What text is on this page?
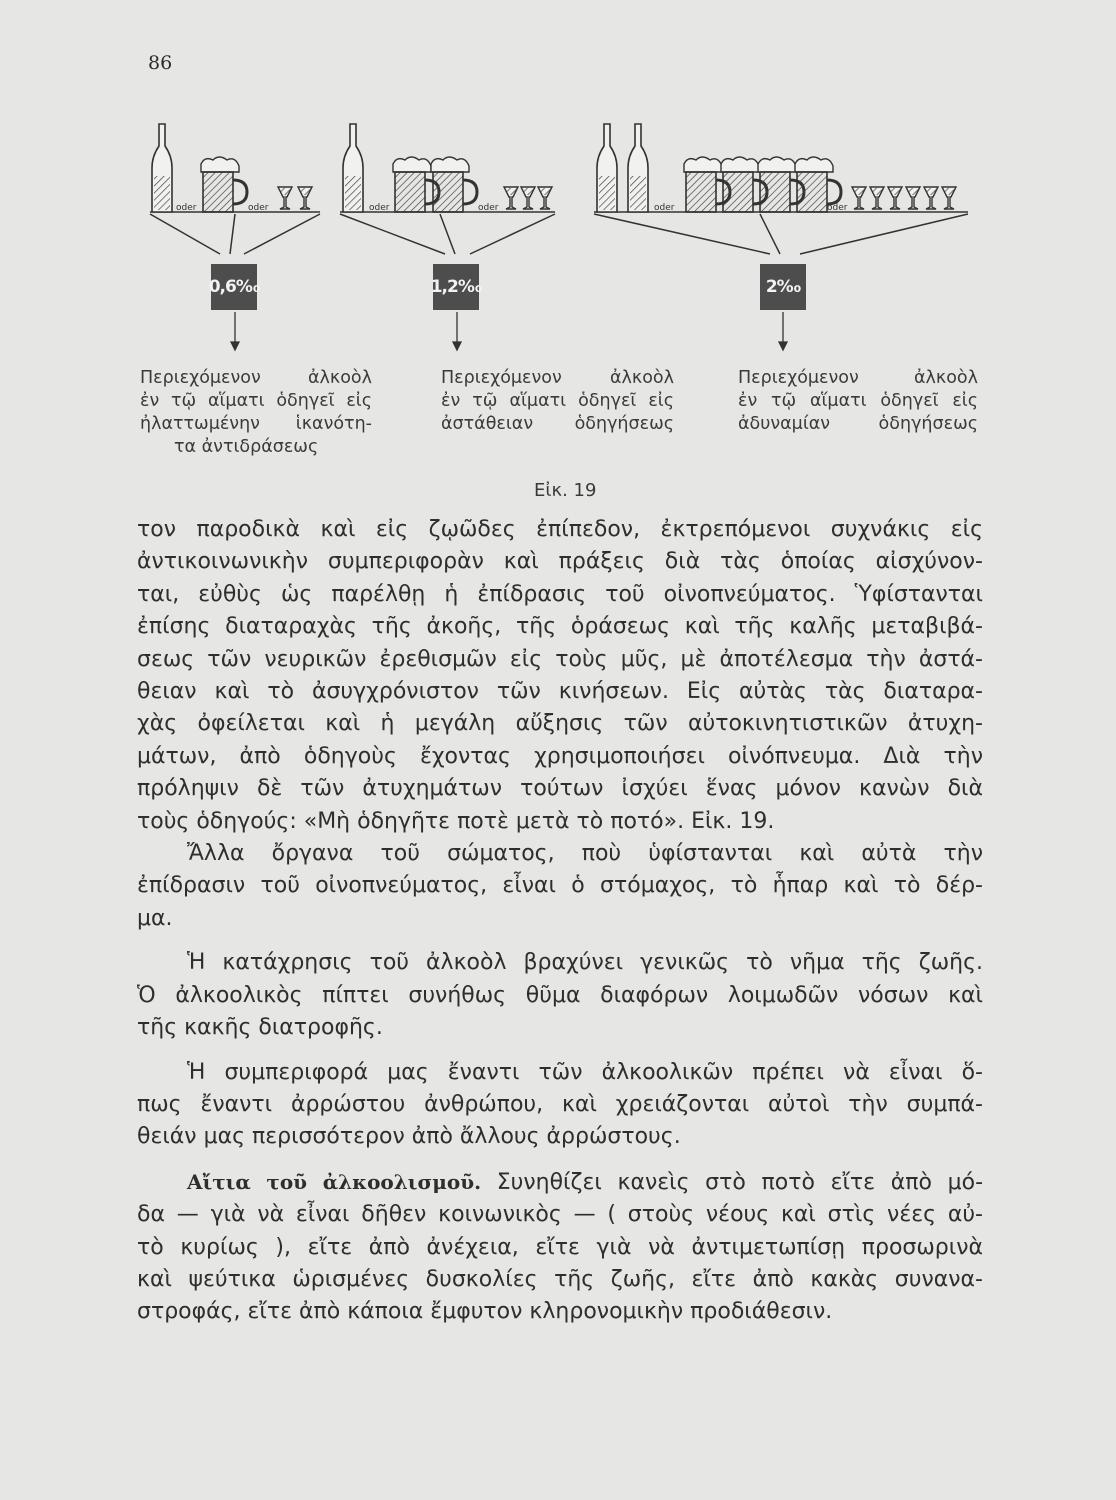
86
oder	oder	oder	oder	oder	oder
0,6‰	1,2‰	2‰
Περιεχόμενον ἀλκοὸλ
ἐν τῷ αἵματι ὁδηγεῖ εἰς
ἠλαττωμένην ἱκανότη-
τα ἀντιδράσεως
Περιεχόμενον ἀλκοὸλ
ἐν τῷ αἵματι ὁδηγεῖ εἰς
ἀστάθειαν ὁδηγήσεως
Περιεχόμενον ἀλκοὸλ
ἐν τῷ αἵματι ὁδηγεῖ εἰς
ἀδυναμίαν ὁδηγήσεως
Εἰκ. 19

τον παροδικὰ καὶ εἰς ζῳῶδες ἐπίπεδον, ἐκτρεπόμενοι συχνάκις εἰς
ἀντικοινωνικὴν συμπεριφορὰν καὶ πράξεις διὰ τὰς ὁποίας αἰσχύνον-
ται, εὐθὺς ὡς παρέλθῃ ἡ ἐπίδρασις τοῦ οἰνοπνεύματος. Ὑφίστανται
ἐπίσης διαταραχὰς τῆς ἀκοῆς, τῆς ὁράσεως καὶ τῆς καλῆς μεταβιβά-
σεως τῶν νευρικῶν ἐρεθισμῶν εἰς τοὺς μῦς, μὲ ἀποτέλεσμα τὴν ἀστά-
θειαν καὶ τὸ ἀσυγχρόνιστον τῶν κινήσεων. Εἰς αὐτὰς τὰς διαταρα-
χὰς ὀφείλεται καὶ ἡ μεγάλη αὔξησις τῶν αὐτοκινητιστικῶν ἀτυχη-
μάτων, ἀπὸ ὁδηγοὺς ἔχοντας χρησιμοποιήσει οἰνόπνευμα. Διὰ τὴν
πρόληψιν δὲ τῶν ἀτυχημάτων τούτων ἰσχύει ἕνας μόνον κανὼν διὰ
τοὺς ὁδηγούς: «Μὴ ὁδηγῆτε ποτὲ μετὰ τὸ ποτό». Εἰκ. 19.

Ἄλλα ὄργανα τοῦ σώματος, ποὺ ὑφίστανται καὶ αὐτὰ τὴν
ἐπίδρασιν τοῦ οἰνοπνεύματος, εἶναι ὁ στόμαχος, τὸ ἧπαρ καὶ τὸ δέρ-
μα.

Ἡ κατάχρησις τοῦ ἀλκοὸλ βραχύνει γενικῶς τὸ νῆμα τῆς ζωῆς.
Ὁ ἀλκοολικὸς πίπτει συνήθως θῦμα διαφόρων λοιμωδῶν νόσων καὶ
τῆς κακῆς διατροφῆς.

Ἡ συμπεριφορά μας ἔναντι τῶν ἀλκοολικῶν πρέπει νὰ εἶναι ὅ-
πως ἔναντι ἀρρώστου ἀνθρώπου, καὶ χρειάζονται αὐτοὶ τὴν συμπά-
θειάν μας περισσότερον ἀπὸ ἄλλους ἀρρώστους.

Αἴτια τοῦ ἀλκοολισμοῦ. Συνηθίζει κανεὶς στὸ ποτὸ εἴτε ἀπὸ μό-
δα — γιὰ νὰ εἶναι δῆθεν κοινωνικὸς — ( στοὺς νέους καὶ στὶς νέες αὐ-
τὸ κυρίως ), εἴτε ἀπὸ ἀνέχεια, εἴτε γιὰ νὰ ἀντιμετωπίσῃ προσωρινὰ
καὶ ψεύτικα ὡρισμένες δυσκολίες τῆς ζωῆς, εἴτε ἀπὸ κακὰς συνανα-
στροφάς, εἴτε ἀπὸ κάποια ἔμφυτον κληρονομικὴν προδιάθεσιν.
